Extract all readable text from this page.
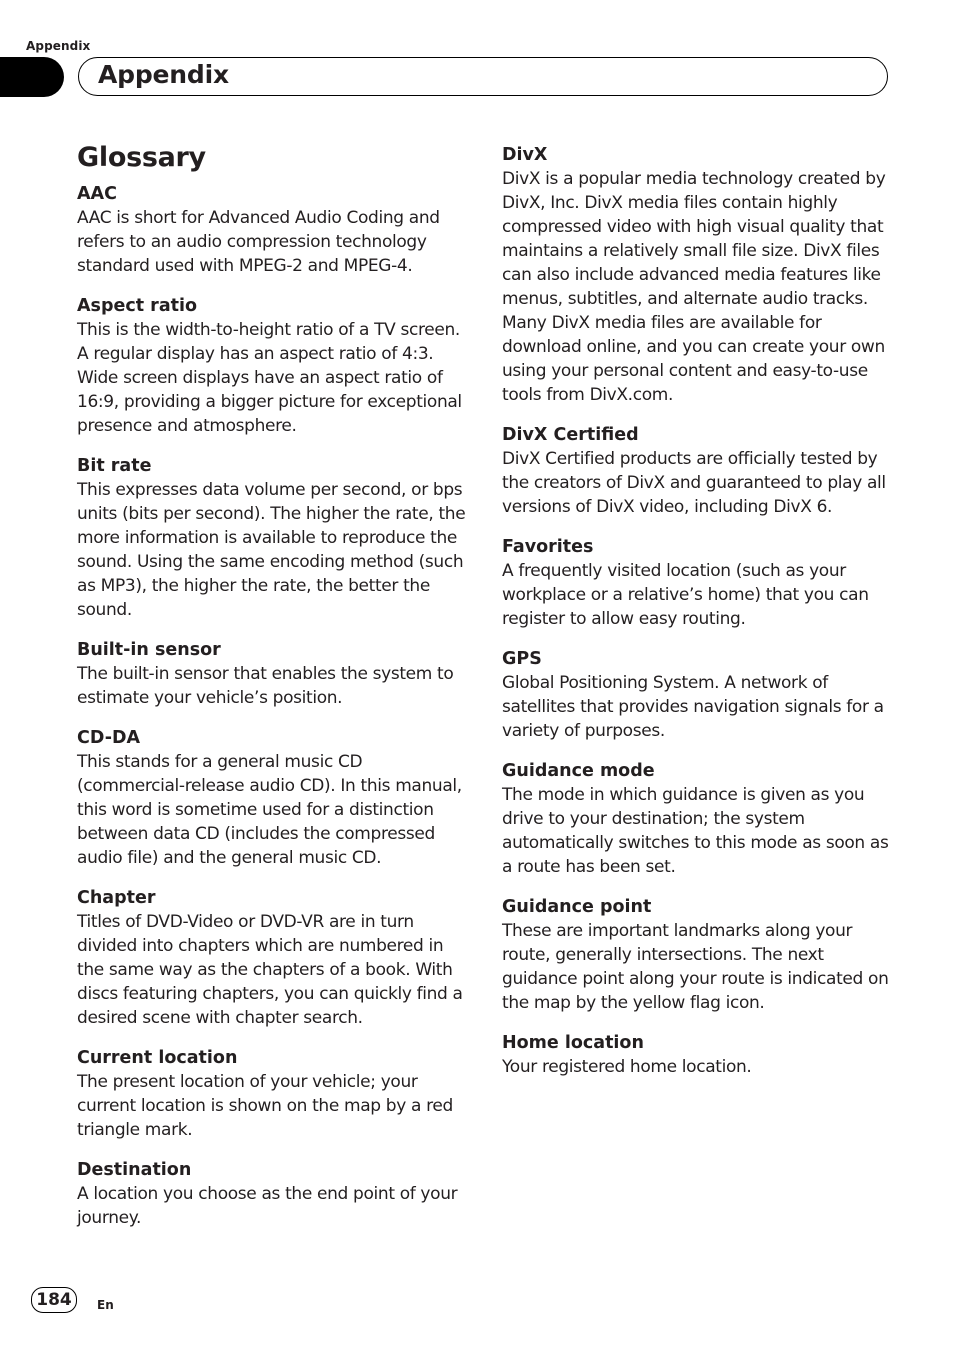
Appendix
Appendix
Glossary

AAC

AAC is short for Advanced Audio Coding and refers to an audio compression technology standard used with MPEG-2 and MPEG-4.

Aspect ratio

This is the width-to-height ratio of a TV screen. A regular display has an aspect ratio of 4:3. Wide screen displays have an aspect ratio of 16:9, providing a bigger picture for exceptional presence and atmosphere.

Bit rate

This expresses data volume per second, or bps units (bits per second). The higher the rate, the more information is available to reproduce the sound. Using the same encoding method (such as MP3), the higher the rate, the better the sound.

Built-in sensor

The built-in sensor that enables the system to estimate your vehicle’s position.

CD-DA

This stands for a general music CD (commercial-release audio CD). In this manual, this word is sometime used for a distinction between data CD (includes the compressed audio file) and the general music CD.

Chapter

Titles of DVD-Video or DVD-VR are in turn divided into chapters which are numbered in the same way as the chapters of a book. With discs featuring chapters, you can quickly find a desired scene with chapter search.

Current location

The present location of your vehicle; your current location is shown on the map by a red triangle mark.

Destination

A location you choose as the end point of your journey.

DivX

DivX is a popular media technology created by DivX, Inc. DivX media files contain highly compressed video with high visual quality that maintains a relatively small file size. DivX files can also include advanced media features like menus, subtitles, and alternate audio tracks. Many DivX media files are available for download online, and you can create your own using your personal content and easy-to-use tools from DivX.com.

DivX Certified

DivX Certified products are officially tested by the creators of DivX and guaranteed to play all versions of DivX video, including DivX 6.

Favorites

A frequently visited location (such as your workplace or a relative’s home) that you can register to allow easy routing.

GPS

Global Positioning System. A network of satellites that provides navigation signals for a variety of purposes.

Guidance mode

The mode in which guidance is given as you drive to your destination; the system automatically switches to this mode as soon as a route has been set.

Guidance point

These are important landmarks along your route, generally intersections. The next guidance point along your route is indicated on the map by the yellow flag icon.

Home location

Your registered home location.

184	En
